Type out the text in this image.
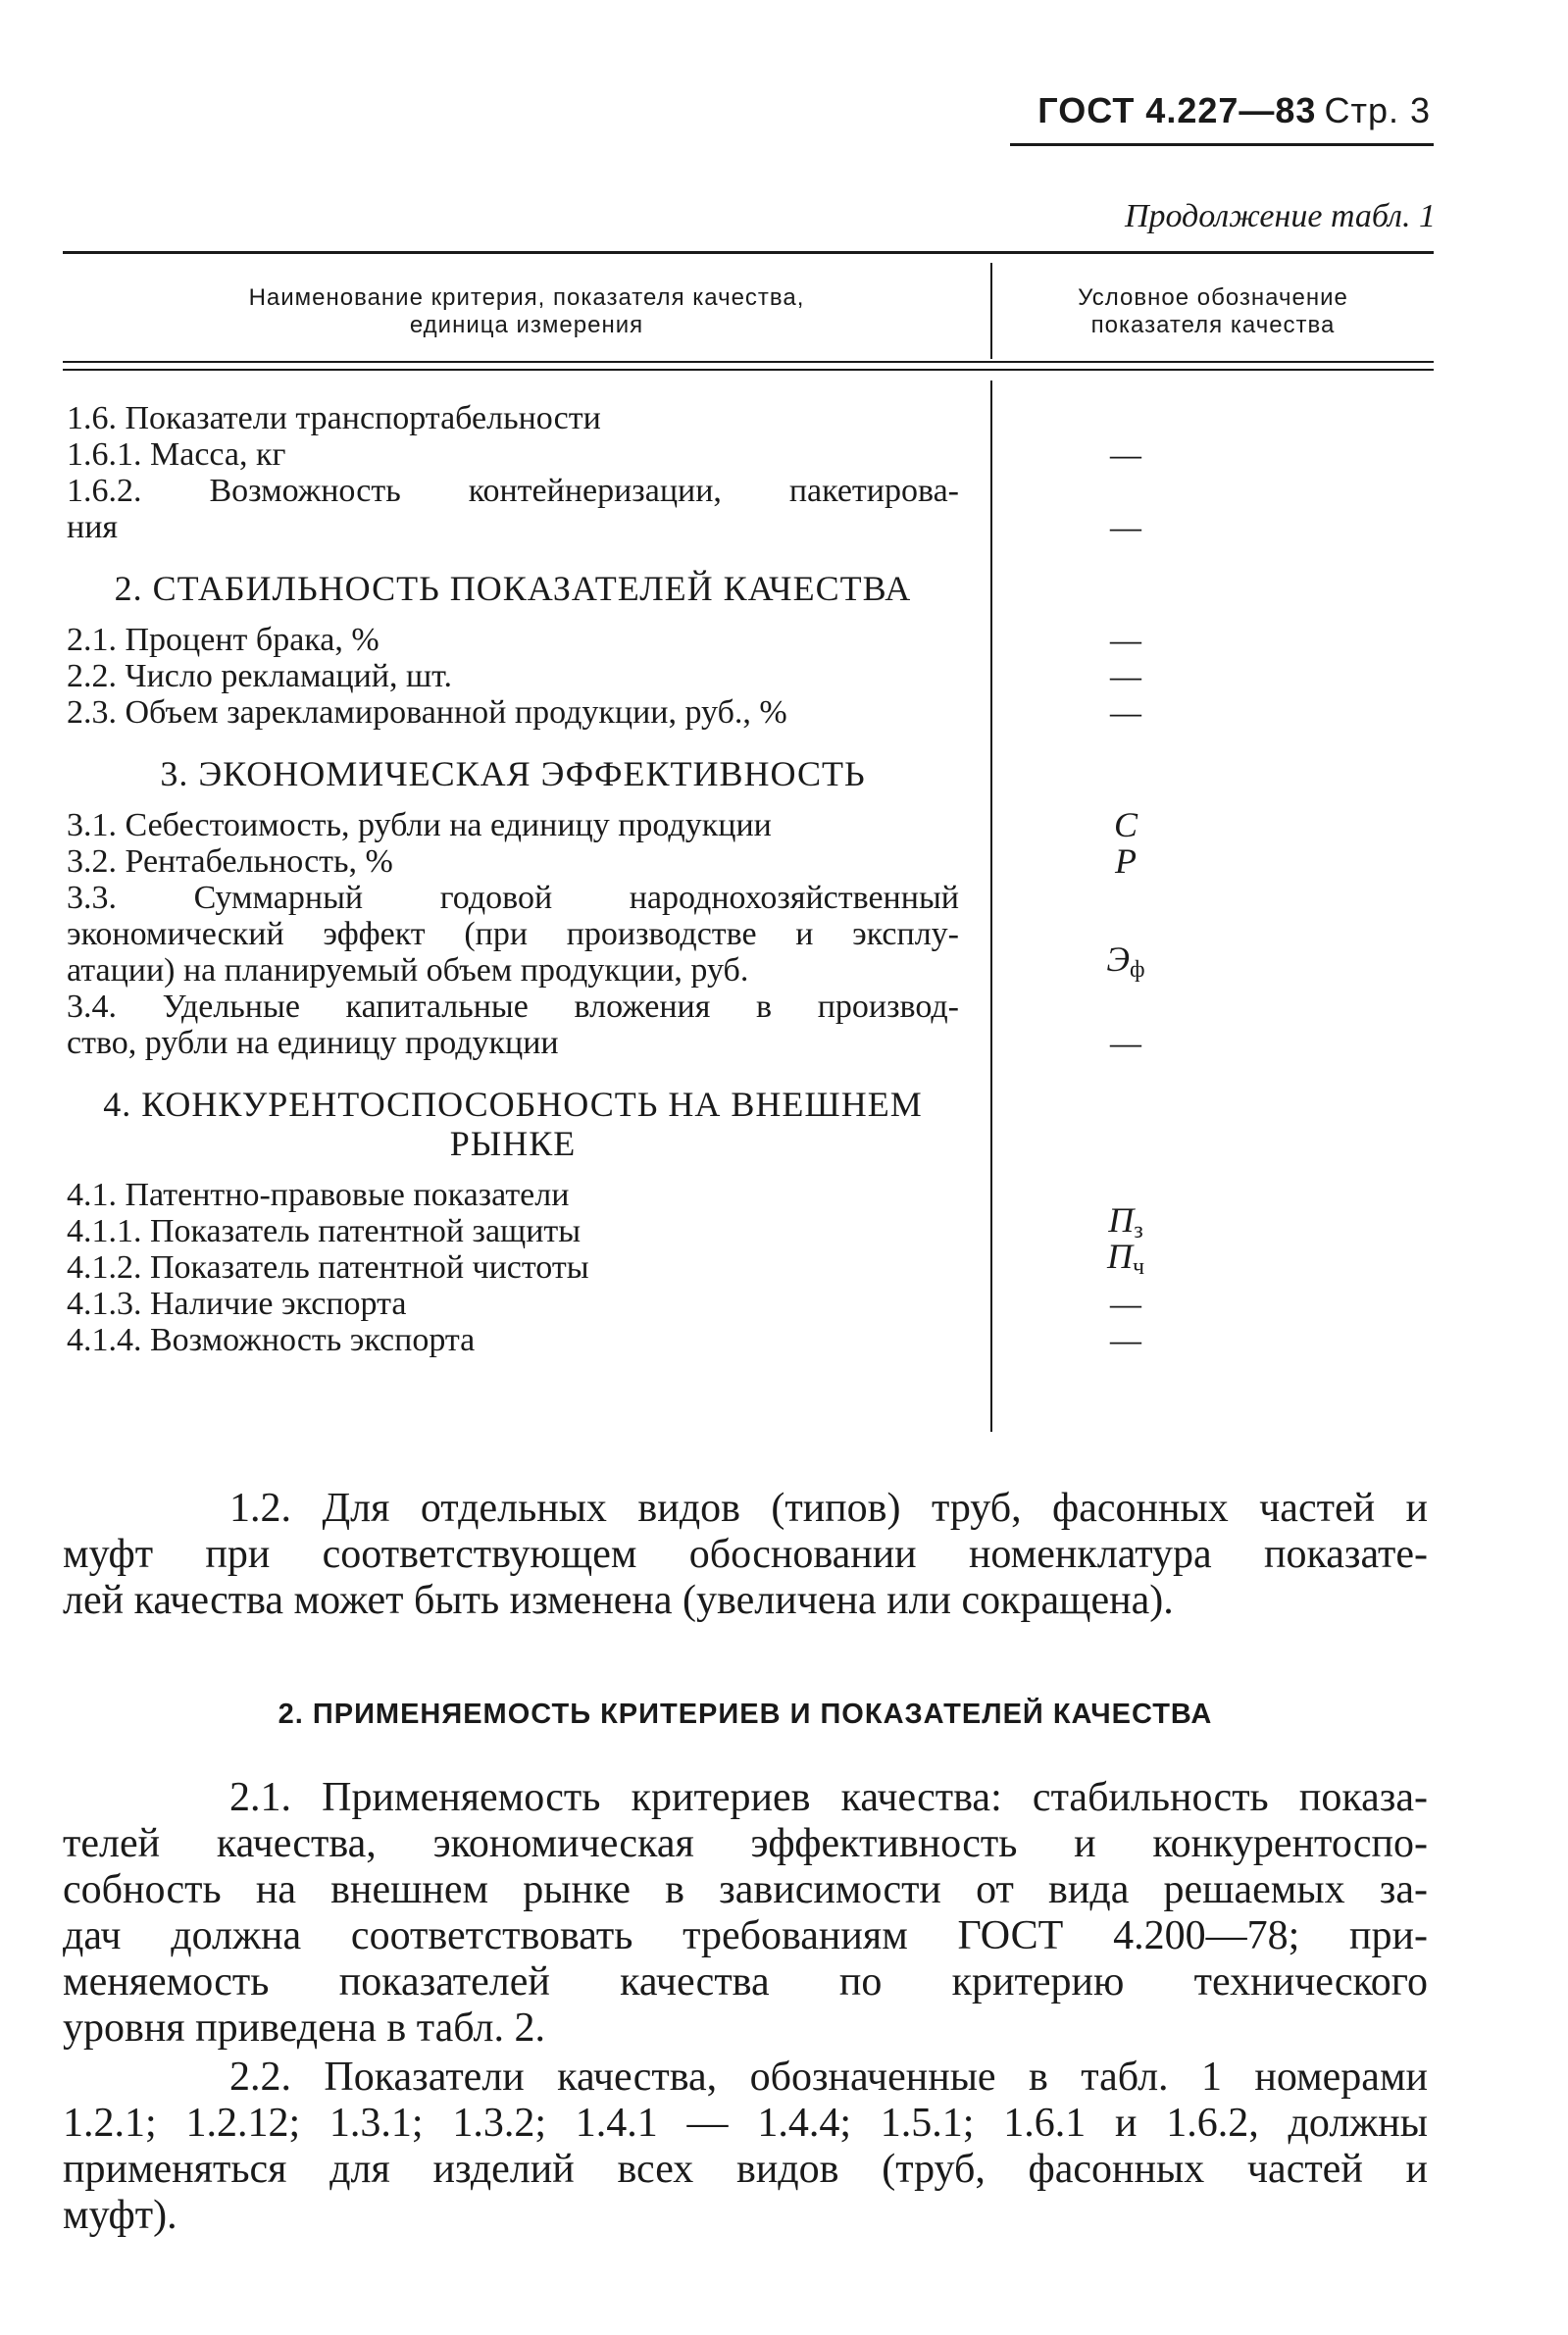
ГОСТ 4.227—83 Стр. 3
Продолжение табл. 1
Наименование критерия, показателя качества,
единица измерения
Условное обозначение
показателя качества
1.6. Показатели транспортабельности
1.6.1. Масса, кг	—
1.6.2. Возможность контейнеризации, пакетирова-
ния	—
2. СТАБИЛЬНОСТЬ ПОКАЗАТЕЛЕЙ КАЧЕСТВА
2.1. Процент брака, %	—
2.2. Число рекламаций, шт.	—
2.3. Объем зарекламированной продукции, руб., %	—
3. ЭКОНОМИЧЕСКАЯ ЭФФЕКТИВНОСТЬ
3.1. Себестоимость, рубли на единицу продукции	C
3.2. Рентабельность, %	P
3.3. Суммарный годовой народнохозяйственный
экономический эффект (при производстве и эксплу-
атации) на планируемый объем продукции, руб.	$Э_ф$
3.4. Удельные капитальные вложения в производ-
ство, рубли на единицу продукции	—
4. КОНКУРЕНТОСПОСОБНОСТЬ НА ВНЕШНЕМ
РЫНКЕ
4.1. Патентно-правовые показатели
4.1.1. Показатель патентной защиты	$П_з$
4.1.2. Показатель патентной чистоты	$П_ч$
4.1.3. Наличие экспорта	—
4.1.4. Возможность экспорта	—
1.2. Для отдельных видов (типов) труб, фасонных частей и
муфт при соответствующем обосновании номенклатура показате-
лей качества может быть изменена (увеличена или сокращена).
2. ПРИМЕНЯЕМОСТЬ КРИТЕРИЕВ И ПОКАЗАТЕЛЕЙ КАЧЕСТВА
2.1. Применяемость критериев качества: стабильность показа-
телей качества, экономическая эффективность и конкурентоспо-
собность на внешнем рынке в зависимости от вида решаемых за-
дач должна соответствовать требованиям ГОСТ 4.200—78; при-
меняемость показателей качества по критерию технического
уровня приведена в табл. 2.
2.2. Показатели качества, обозначенные в табл. 1 номерами
1.2.1; 1.2.12; 1.3.1; 1.3.2; 1.4.1 — 1.4.4; 1.5.1; 1.6.1 и 1.6.2, должны
применяться для изделий всех видов (труб, фасонных частей и
муфт).
